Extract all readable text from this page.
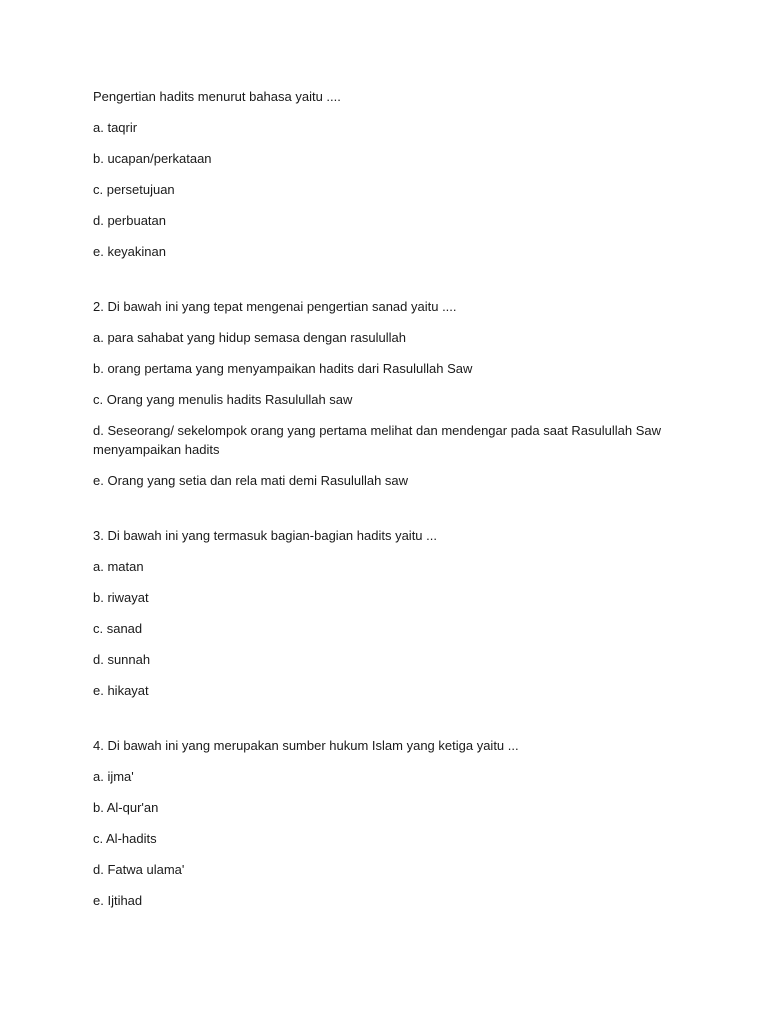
Pengertian hadits menurut bahasa yaitu ....

a. taqrir

b. ucapan/perkataan

c. persetujuan

d. perbuatan

e. keyakinan

2. Di bawah ini yang tepat mengenai pengertian sanad yaitu ....

a. para sahabat yang hidup semasa dengan rasulullah

b. orang pertama yang menyampaikan hadits dari Rasulullah Saw

c. Orang yang menulis hadits Rasulullah saw

d. Seseorang/ sekelompok orang yang pertama melihat dan mendengar pada saat Rasulullah Saw menyampaikan hadits

e. Orang yang setia dan rela mati demi Rasulullah saw

3. Di bawah ini yang termasuk bagian-bagian hadits yaitu ...

a. matan

b. riwayat

c. sanad

d. sunnah

e. hikayat

4. Di bawah ini yang merupakan sumber hukum Islam yang ketiga yaitu ...

a. ijma'

b. Al-qur'an

c. Al-hadits

d. Fatwa ulama'

e. Ijtihad
